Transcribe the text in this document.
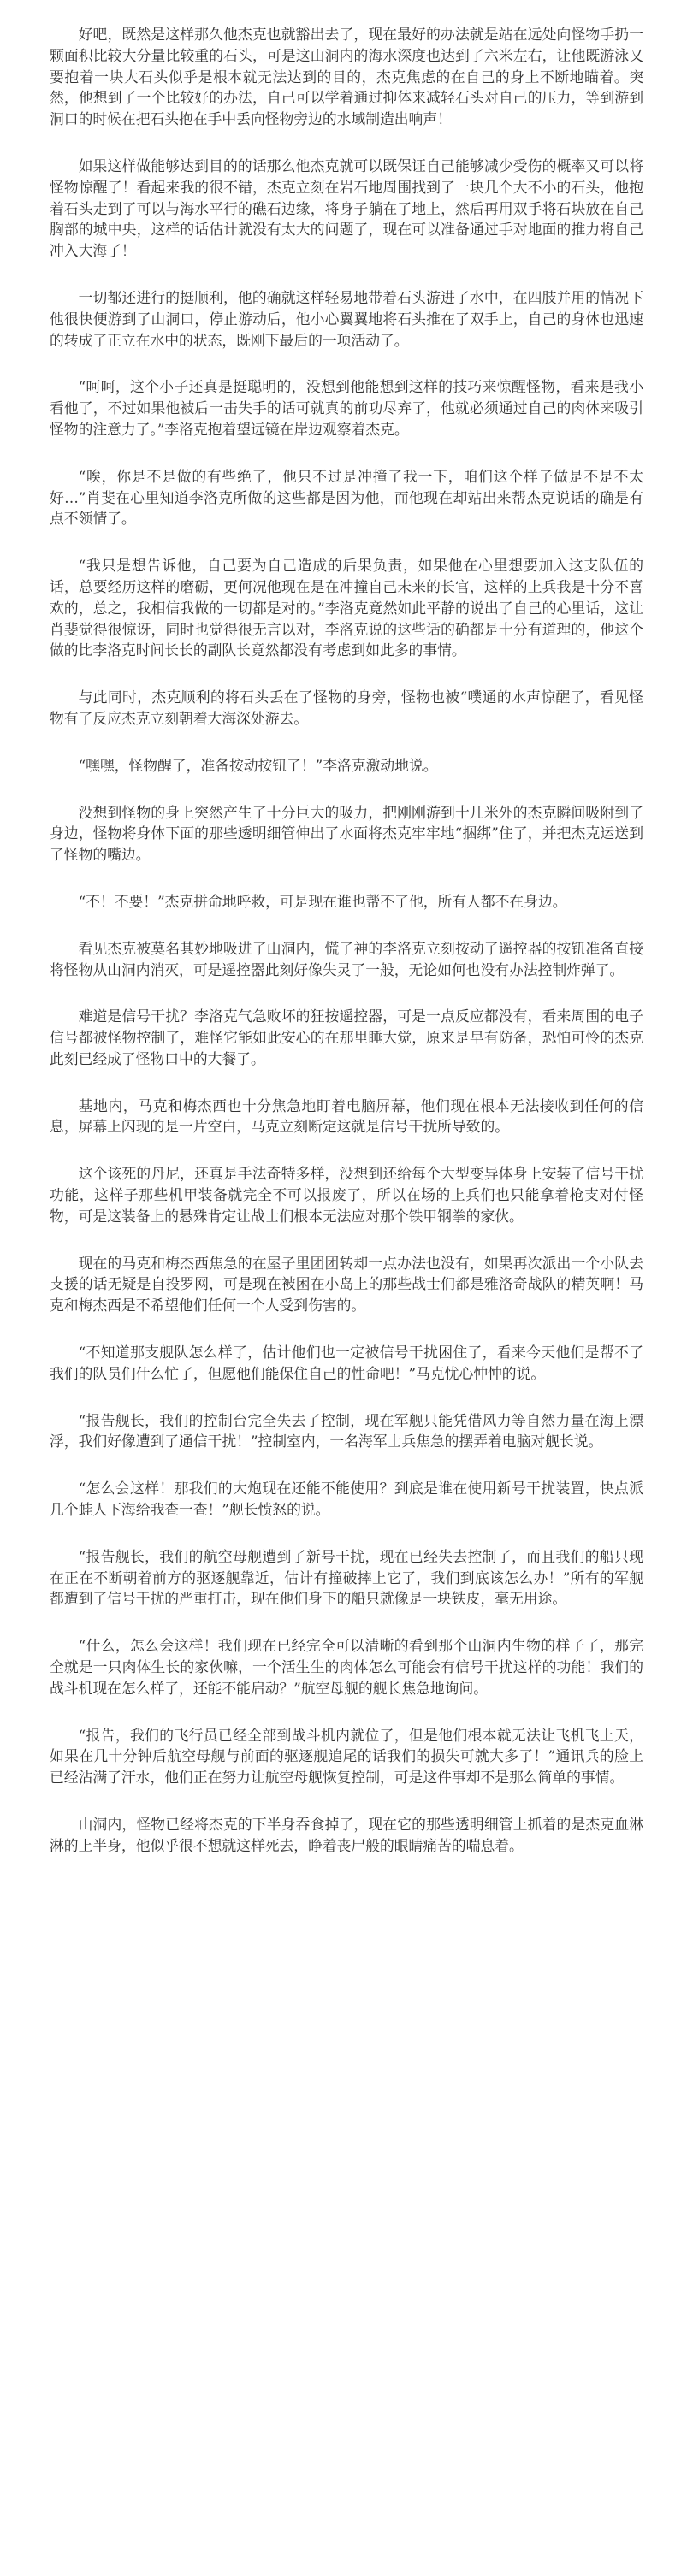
好吧，既然是这样那久他杰克也就豁出去了，现在最好的办法就是站在远处向怪物手扔一颗面积比较大分量比较重的石头，可是这山洞内的海水深度也达到了六米左右，让他既游泳又要抱着一块大石头似乎是根本就无法达到的目的，杰克焦虑的在自己的身上不断地瞄着。突然，他想到了一个比较好的办法，自己可以学着通过抑体来减轻石头对自己的压力，等到游到洞口的时候在把石头抱在手中丢向怪物旁边的水域制造出响声！

如果这样做能够达到目的的话那么他杰克就可以既保证自己能够减少受伤的概率又可以将怪物惊醒了！看起来我的很不错，杰克立刻在岩石地周围找到了一块几个大不小的石头，他抱着石头走到了可以与海水平行的礁石边缘，将身子躺在了地上，然后再用双手将石块放在自己胸部的城中央，这样的话估计就没有太大的问题了，现在可以准备通过手对地面的推力将自己冲入大海了！

一切都还进行的挺顺利，他的确就这样轻易地带着石头游进了水中，在四肢并用的情况下他很快便游到了山洞口，停止游动后，他小心翼翼地将石头推在了双手上，自己的身体也迅速的转成了正立在水中的状态，既刚下最后的一项活动了。

“呵呵，这个小子还真是挺聪明的，没想到他能想到这样的技巧来惊醒怪物，看来是我小看他了，不过如果他被后一击失手的话可就真的前功尽弃了，他就必须通过自己的肉体来吸引怪物的注意力了。”李洛克抱着望远镜在岸边观察着杰克。

“唉，你是不是做的有些绝了，他只不过是冲撞了我一下，咱们这个样子做是不是不太好…”肖斐在心里知道李洛克所做的这些都是因为他，而他现在却站出来帮杰克说话的确是有点不领情了。

“我只是想告诉他，自己要为自己造成的后果负责，如果他在心里想要加入这支队伍的话，总要经历这样的磨砺，更何况他现在是在冲撞自己未来的长官，这样的上兵我是十分不喜欢的，总之，我相信我做的一切都是对的。”李洛克竟然如此平静的说出了自己的心里话，这让肖斐觉得很惊讶，同时也觉得很无言以对，李洛克说的这些话的确都是十分有道理的，他这个做的比李洛克时间长长的副队长竟然都没有考虑到如此多的事情。

与此同时，杰克顺利的将石头丢在了怪物的身旁，怪物也被“噗通的水声惊醒了，看见怪物有了反应杰克立刻朝着大海深处游去。

“嘿嘿，怪物醒了，准备按动按钮了！”李洛克激动地说。

没想到怪物的身上突然产生了十分巨大的吸力，把刚刚游到十几米外的杰克瞬间吸附到了身边，怪物将身体下面的那些透明细管伸出了水面将杰克牢牢地“捆绑”住了，并把杰克运送到了怪物的嘴边。

“不！不要！”杰克拼命地呼救，可是现在谁也帮不了他，所有人都不在身边。

看见杰克被莫名其妙地吸进了山洞内，慌了神的李洛克立刻按动了遥控器的按钮准备直接将怪物从山洞内消灭，可是遥控器此刻好像失灵了一般，无论如何也没有办法控制炸弹了。

难道是信号干扰？李洛克气急败坏的狂按遥控器，可是一点反应都没有，看来周围的电子信号都被怪物控制了，难怪它能如此安心的在那里睡大觉，原来是早有防备，恐怕可怜的杰克此刻已经成了怪物口中的大餐了。

基地内，马克和梅杰西也十分焦急地盯着电脑屏幕，他们现在根本无法接收到任何的信息，屏幕上闪现的是一片空白，马克立刻断定这就是信号干扰所导致的。

这个该死的丹尼，还真是手法奇特多样，没想到还给每个大型变异体身上安装了信号干扰功能，这样子那些机甲装备就完全不可以报废了，所以在场的上兵们也只能拿着枪支对付怪物，可是这装备上的悬殊肯定让战士们根本无法应对那个铁甲钢拳的家伙。

现在的马克和梅杰西焦急的在屋子里团团转却一点办法也没有，如果再次派出一个小队去支援的话无疑是自投罗网，可是现在被困在小岛上的那些战士们都是雅洛奇战队的精英啊！马克和梅杰西是不希望他们任何一个人受到伤害的。

“不知道那支舰队怎么样了，估计他们也一定被信号干扰困住了，看来今天他们是帮不了我们的队员们什么忙了，但愿他们能保住自己的性命吧！”马克忧心忡忡的说。

“报告舰长，我们的控制台完全失去了控制，现在军舰只能凭借风力等自然力量在海上漂浮，我们好像遭到了通信干扰！”控制室内，一名海军士兵焦急的摆弄着电脑对舰长说。

“怎么会这样！那我们的大炮现在还能不能使用？到底是谁在使用新号干扰装置，快点派几个蛙人下海给我查一查！”舰长愤怒的说。

“报告舰长，我们的航空母舰遭到了新号干扰，现在已经失去控制了，而且我们的船只现在正在不断朝着前方的驱逐舰靠近，估计有撞破摔上它了，我们到底该怎么办！”所有的军舰都遭到了信号干扰的严重打击，现在他们身下的船只就像是一块铁皮，毫无用途。

“什么，怎么会这样！我们现在已经完全可以清晰的看到那个山洞内生物的样子了，那完全就是一只肉体生长的家伙嘛，一个活生生的肉体怎么可能会有信号干扰这样的功能！我们的战斗机现在怎么样了，还能不能启动？”航空母舰的舰长焦急地询问。

“报告，我们的飞行员已经全部到战斗机内就位了，但是他们根本就无法让飞机飞上天，如果在几十分钟后航空母舰与前面的驱逐舰追尾的话我们的损失可就大多了！”通讯兵的脸上已经沾满了汗水，他们正在努力让航空母舰恢复控制，可是这件事却不是那么简单的事情。

山洞内，怪物已经将杰克的下半身吞食掉了，现在它的那些透明细管上抓着的是杰克血淋淋的上半身，他似乎很不想就这样死去，睁着丧尸般的眼睛痛苦的喘息着。
